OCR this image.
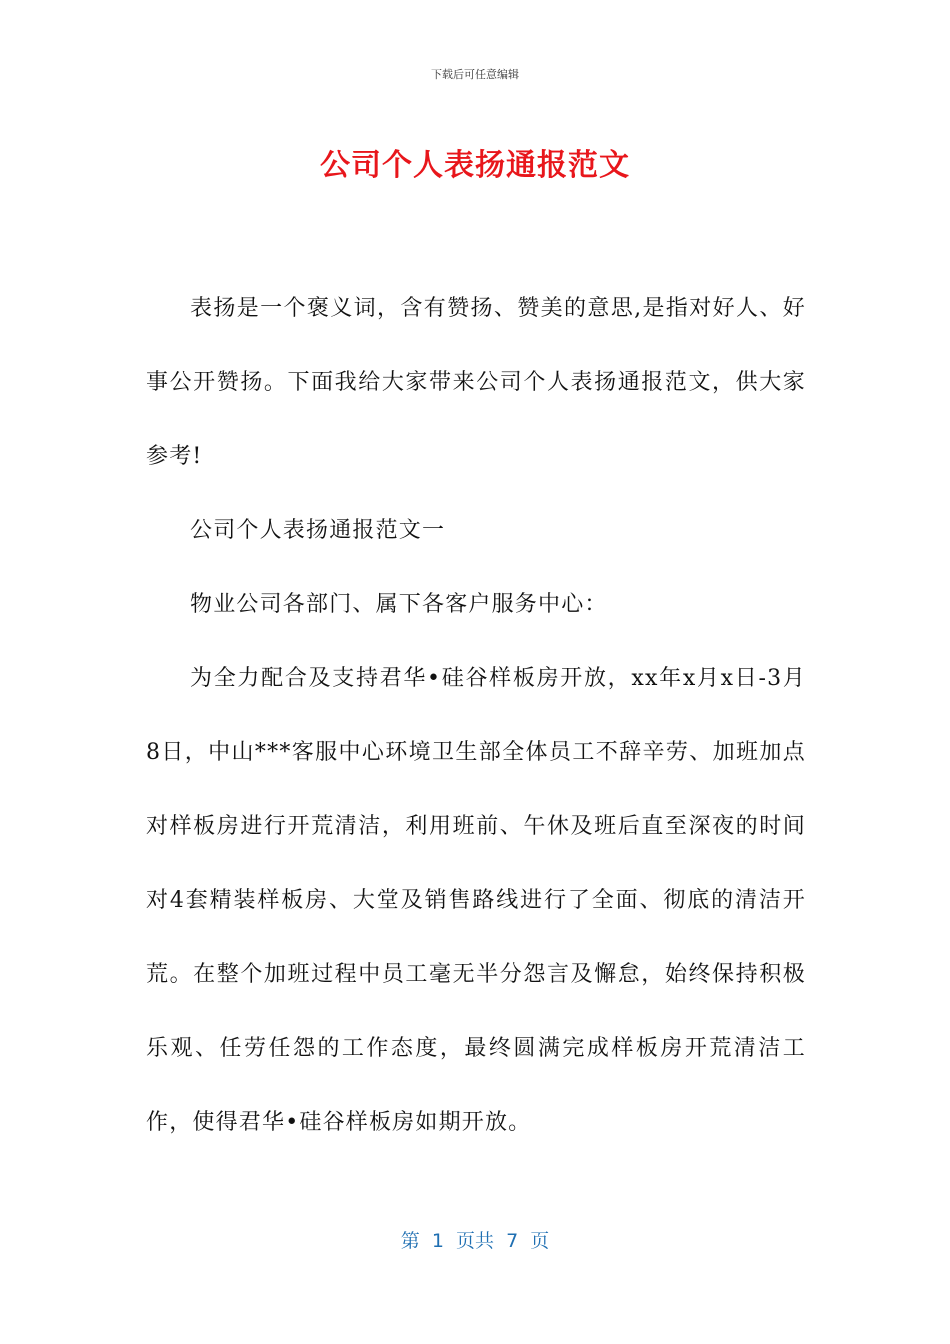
下载后可任意编辑
公司个人表扬通报范文

表扬是一个褒义词，含有赞扬、赞美的意思,是指对好人、好事公开赞扬。下面我给大家带来公司个人表扬通报范文，供大家参考!

公司个人表扬通报范文一

物业公司各部门、属下各客户服务中心：

为全力配合及支持君华•硅谷样板房开放，xx年x月x日-3月8日，中山***客服中心环境卫生部全体员工不辞辛劳、加班加点对样板房进行开荒清洁，利用班前、午休及班后直至深夜的时间对4套精装样板房、大堂及销售路线进行了全面、彻底的清洁开荒。在整个加班过程中员工毫无半分怨言及懈怠，始终保持积极乐观、任劳任怨的工作态度，最终圆满完成样板房开荒清洁工作，使得君华•硅谷样板房如期开放。

第  1  页共  7  页
